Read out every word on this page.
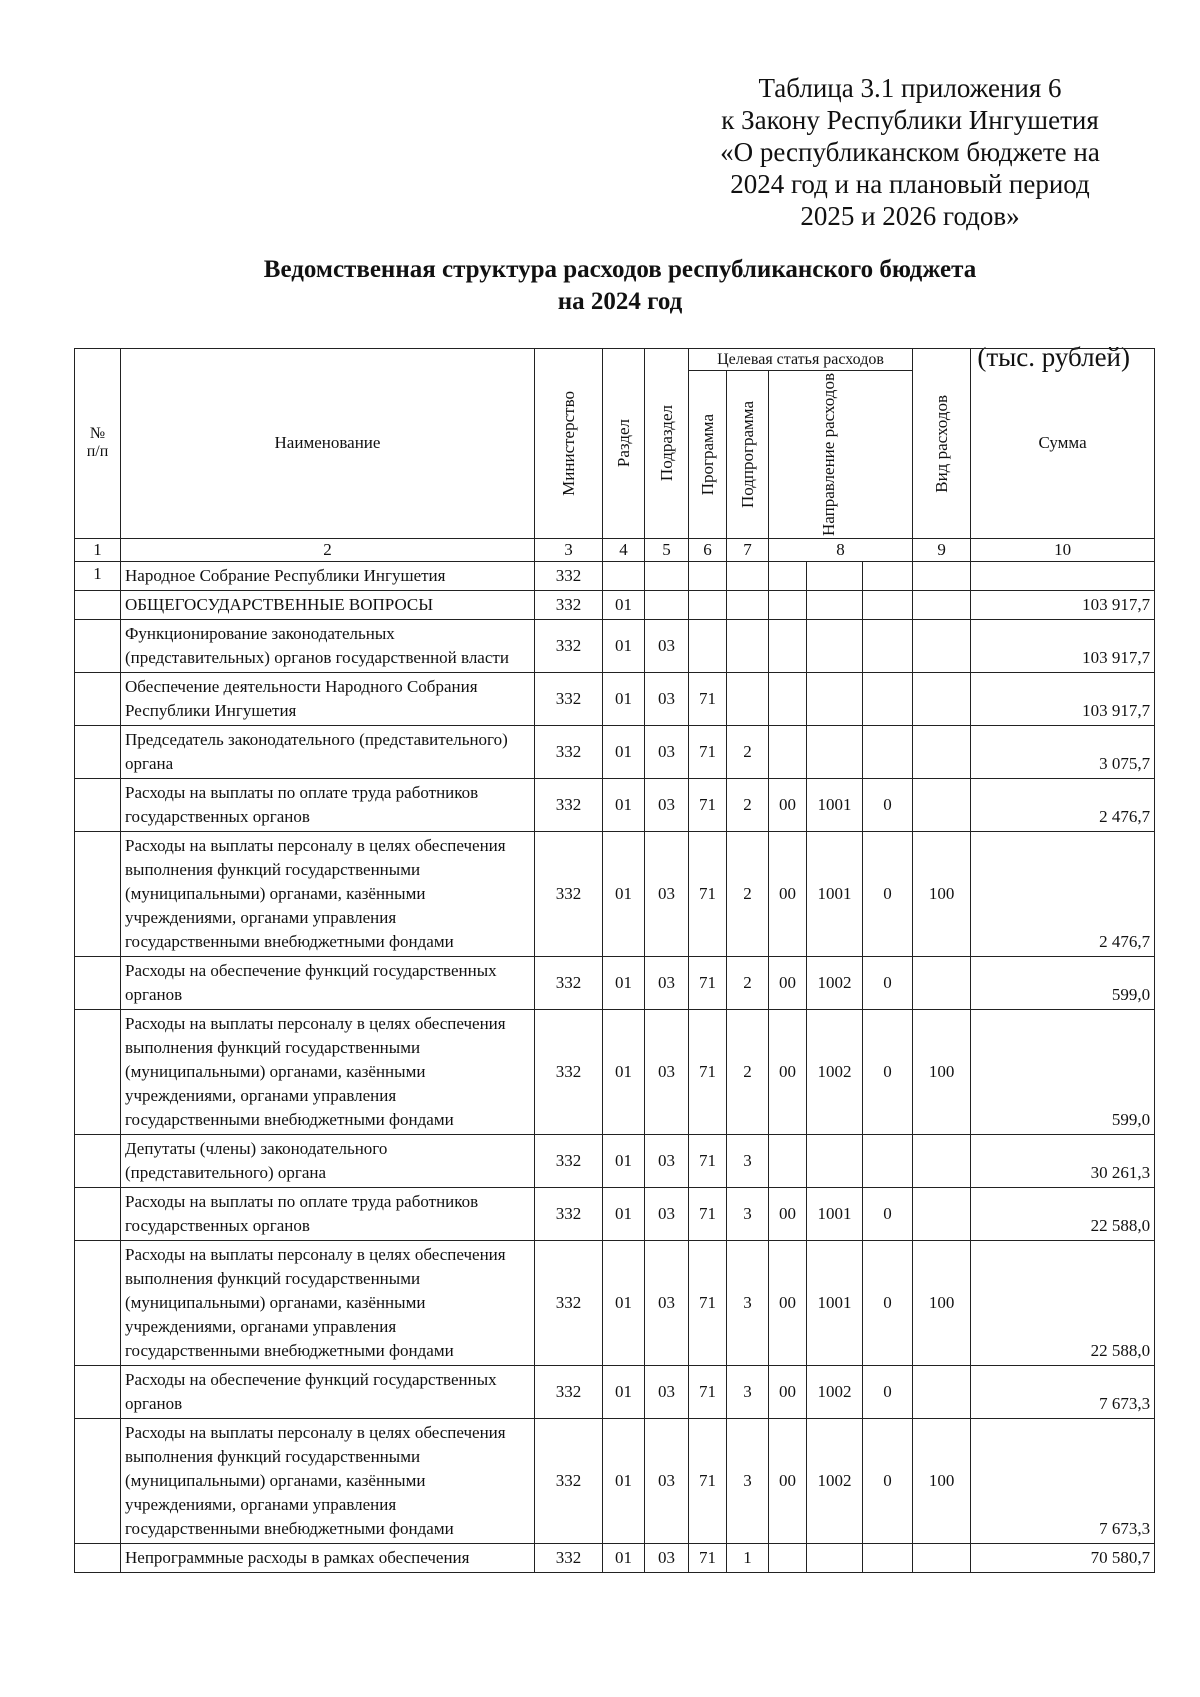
Таблица 3.1 приложения 6
к Закону Республики Ингушетия
«О республиканском бюджете на
2024 год и на плановый период
2025 и 2026 годов»
Ведомственная структура расходов республиканского бюджета
на 2024 год
(тыс. рублей)
№
п/п	Наименование	Министерство	Раздел	Подраздел	Целевая статья расходов					Вид расходов	Сумма

					Программа	Подпрограмма	Направление расходов				

1	2	3	4	5	6	7	8			9	10
1	Народное Собрание Республики Ингушетия	332									
	ОБЩЕГОСУДАРСТВЕННЫЕ ВОПРОСЫ	332	01								103 917,7
	Функционирование законодательных (представительных) органов государственной власти	332	01	03							103 917,7
	Обеспечение деятельности Народного Собрания Республики Ингушетия	332	01	03	71						103 917,7
	Председатель законодательного (представительного) органа	332	01	03	71	2					3 075,7
	Расходы на выплаты по оплате труда работников государственных органов	332	01	03	71	2	00	1001	0		2 476,7
	Расходы на выплаты персоналу в целях обеспечения выполнения функций государственными (муниципальными) органами, казёнными учреждениями, органами управления государственными внебюджетными фондами	332	01	03	71	2	00	1001	0	100	2 476,7
	Расходы на обеспечение функций государственных органов	332	01	03	71	2	00	1002	0		599,0
	Расходы на выплаты персоналу в целях обеспечения выполнения функций государственными (муниципальными) органами, казёнными учреждениями, органами управления государственными внебюджетными фондами	332	01	03	71	2	00	1002	0	100	599,0
	Депутаты (члены) законодательного (представительного) органа	332	01	03	71	3					30 261,3
	Расходы на выплаты по оплате труда работников государственных органов	332	01	03	71	3	00	1001	0		22 588,0
	Расходы на выплаты персоналу в целях обеспечения выполнения функций государственными (муниципальными) органами, казёнными учреждениями, органами управления государственными внебюджетными фондами	332	01	03	71	3	00	1001	0	100	22 588,0
	Расходы на обеспечение функций государственных органов	332	01	03	71	3	00	1002	0		7 673,3
	Расходы на выплаты персоналу в целях обеспечения выполнения функций государственными (муниципальными) органами, казёнными учреждениями, органами управления государственными внебюджетными фондами	332	01	03	71	3	00	1002	0	100	7 673,3
	Непрограммные расходы в рамках обеспечения	332	01	03	71	1					70 580,7
